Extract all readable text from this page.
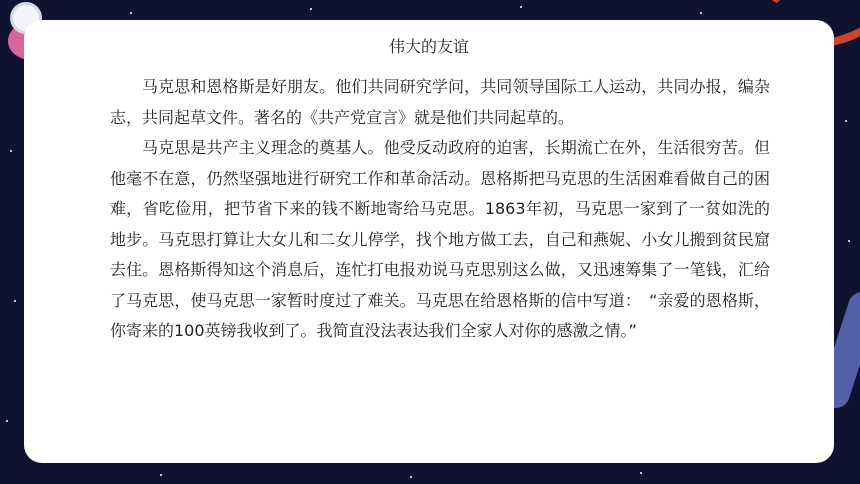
伟大的友谊

马克思和恩格斯是好朋友。他们共同研究学问，共同领导国际工人运动，共同办报，编杂志，共同起草文件。著名的《共产党宣言》就是他们共同起草的。

马克思是共产主义理念的奠基人。他受反动政府的迫害，长期流亡在外，生活很穷苦。但他毫不在意，仍然坚强地进行研究工作和革命活动。恩格斯把马克思的生活困难看做自己的困难，省吃俭用，把节省下来的钱不断地寄给马克思。1863年初，马克思一家到了一贫如洗的地步。马克思打算让大女儿和二女儿停学，找个地方做工去，自己和燕妮、小女儿搬到贫民窟去住。恩格斯得知这个消息后，连忙打电报劝说马克思别这么做，又迅速筹集了一笔钱，汇给了马克思，使马克思一家暂时度过了难关。马克思在给恩格斯的信中写道：　“亲爱的恩格斯，你寄来的100英镑我收到了。我简直没法表达我们全家人对你的感激之情。”
